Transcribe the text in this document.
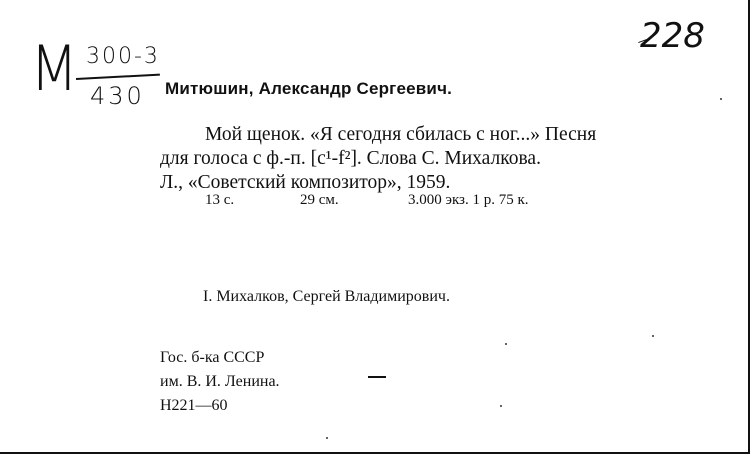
М 300-3
430
228
Митюшин, Александр Сергеевич.
Мой щенок. «Я сегодня сбилась с ног...» Песня
для голоса с ф.-п. [c¹-f²]. Слова С. Михалкова.
Л., «Советский композитор», 1959.
13 с.	29 см.	3.000 экз. 1 р. 75 к.
I. Михалков, Сергей Владимирович.
Гос. б-ка СССР
им. В. И. Ленина.
Н221—60
